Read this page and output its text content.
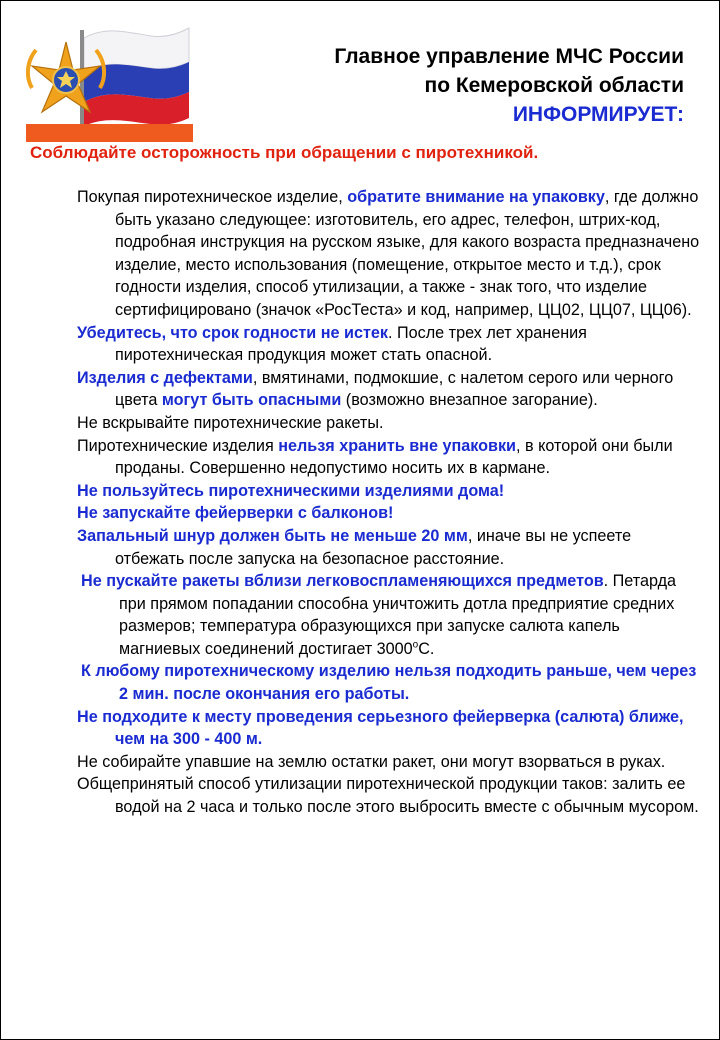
Главное управление МЧС России
по Кемеровской области
ИНФОРМИРУЕТ:
Соблюдайте осторожность при обращении с пиротехникой.

Покупая пиротехническое изделие, обратите внимание на упаковку, где должно быть указано следующее: изготовитель, его адрес, телефон, штрих-код, подробная инструкция на русском языке, для какого возраста предназначено изделие, место использования (помещение, открытое место и т.д.), срок годности изделия, способ утилизации, а также - знак того, что изделие сертифицировано (значок «РосТеста» и код, например, ЦЦ02, ЦЦ07, ЦЦ06).

Убедитесь, что срок годности не истек. После трех лет хранения пиротехническая продукция может стать опасной.

Изделия с дефектами, вмятинами, подмокшие, с налетом серого или черного цвета могут быть опасными (возможно внезапное загорание).

Не вскрывайте пиротехнические ракеты.

Пиротехнические изделия нельзя хранить вне упаковки, в которой они были проданы. Совершенно недопустимо носить их в кармане.

Не пользуйтесь пиротехническими изделиями дома!

Не запускайте фейерверки с балконов!

Запальный шнур должен быть не меньше 20 мм, иначе вы не успеете отбежать после запуска на безопасное расстояние.

Не пускайте ракеты вблизи легковоспламеняющихся предметов. Петарда при прямом попадании способна уничтожить дотла предприятие средних размеров; температура образующихся при запуске салюта капель магниевых соединений достигает 3000$^o$С.

К любому пиротехническому изделию нельзя подходить раньше, чем через 2 мин. после окончания его работы.

Не подходите к месту проведения серьезного фейерверка (салюта) ближе, чем на 300 - 400 м.

Не собирайте упавшие на землю остатки ракет, они могут взорваться в руках.

Общепринятый способ утилизации пиротехнической продукции таков: залить ее водой на 2 часа и только после этого выбросить вместе с обычным мусором.
